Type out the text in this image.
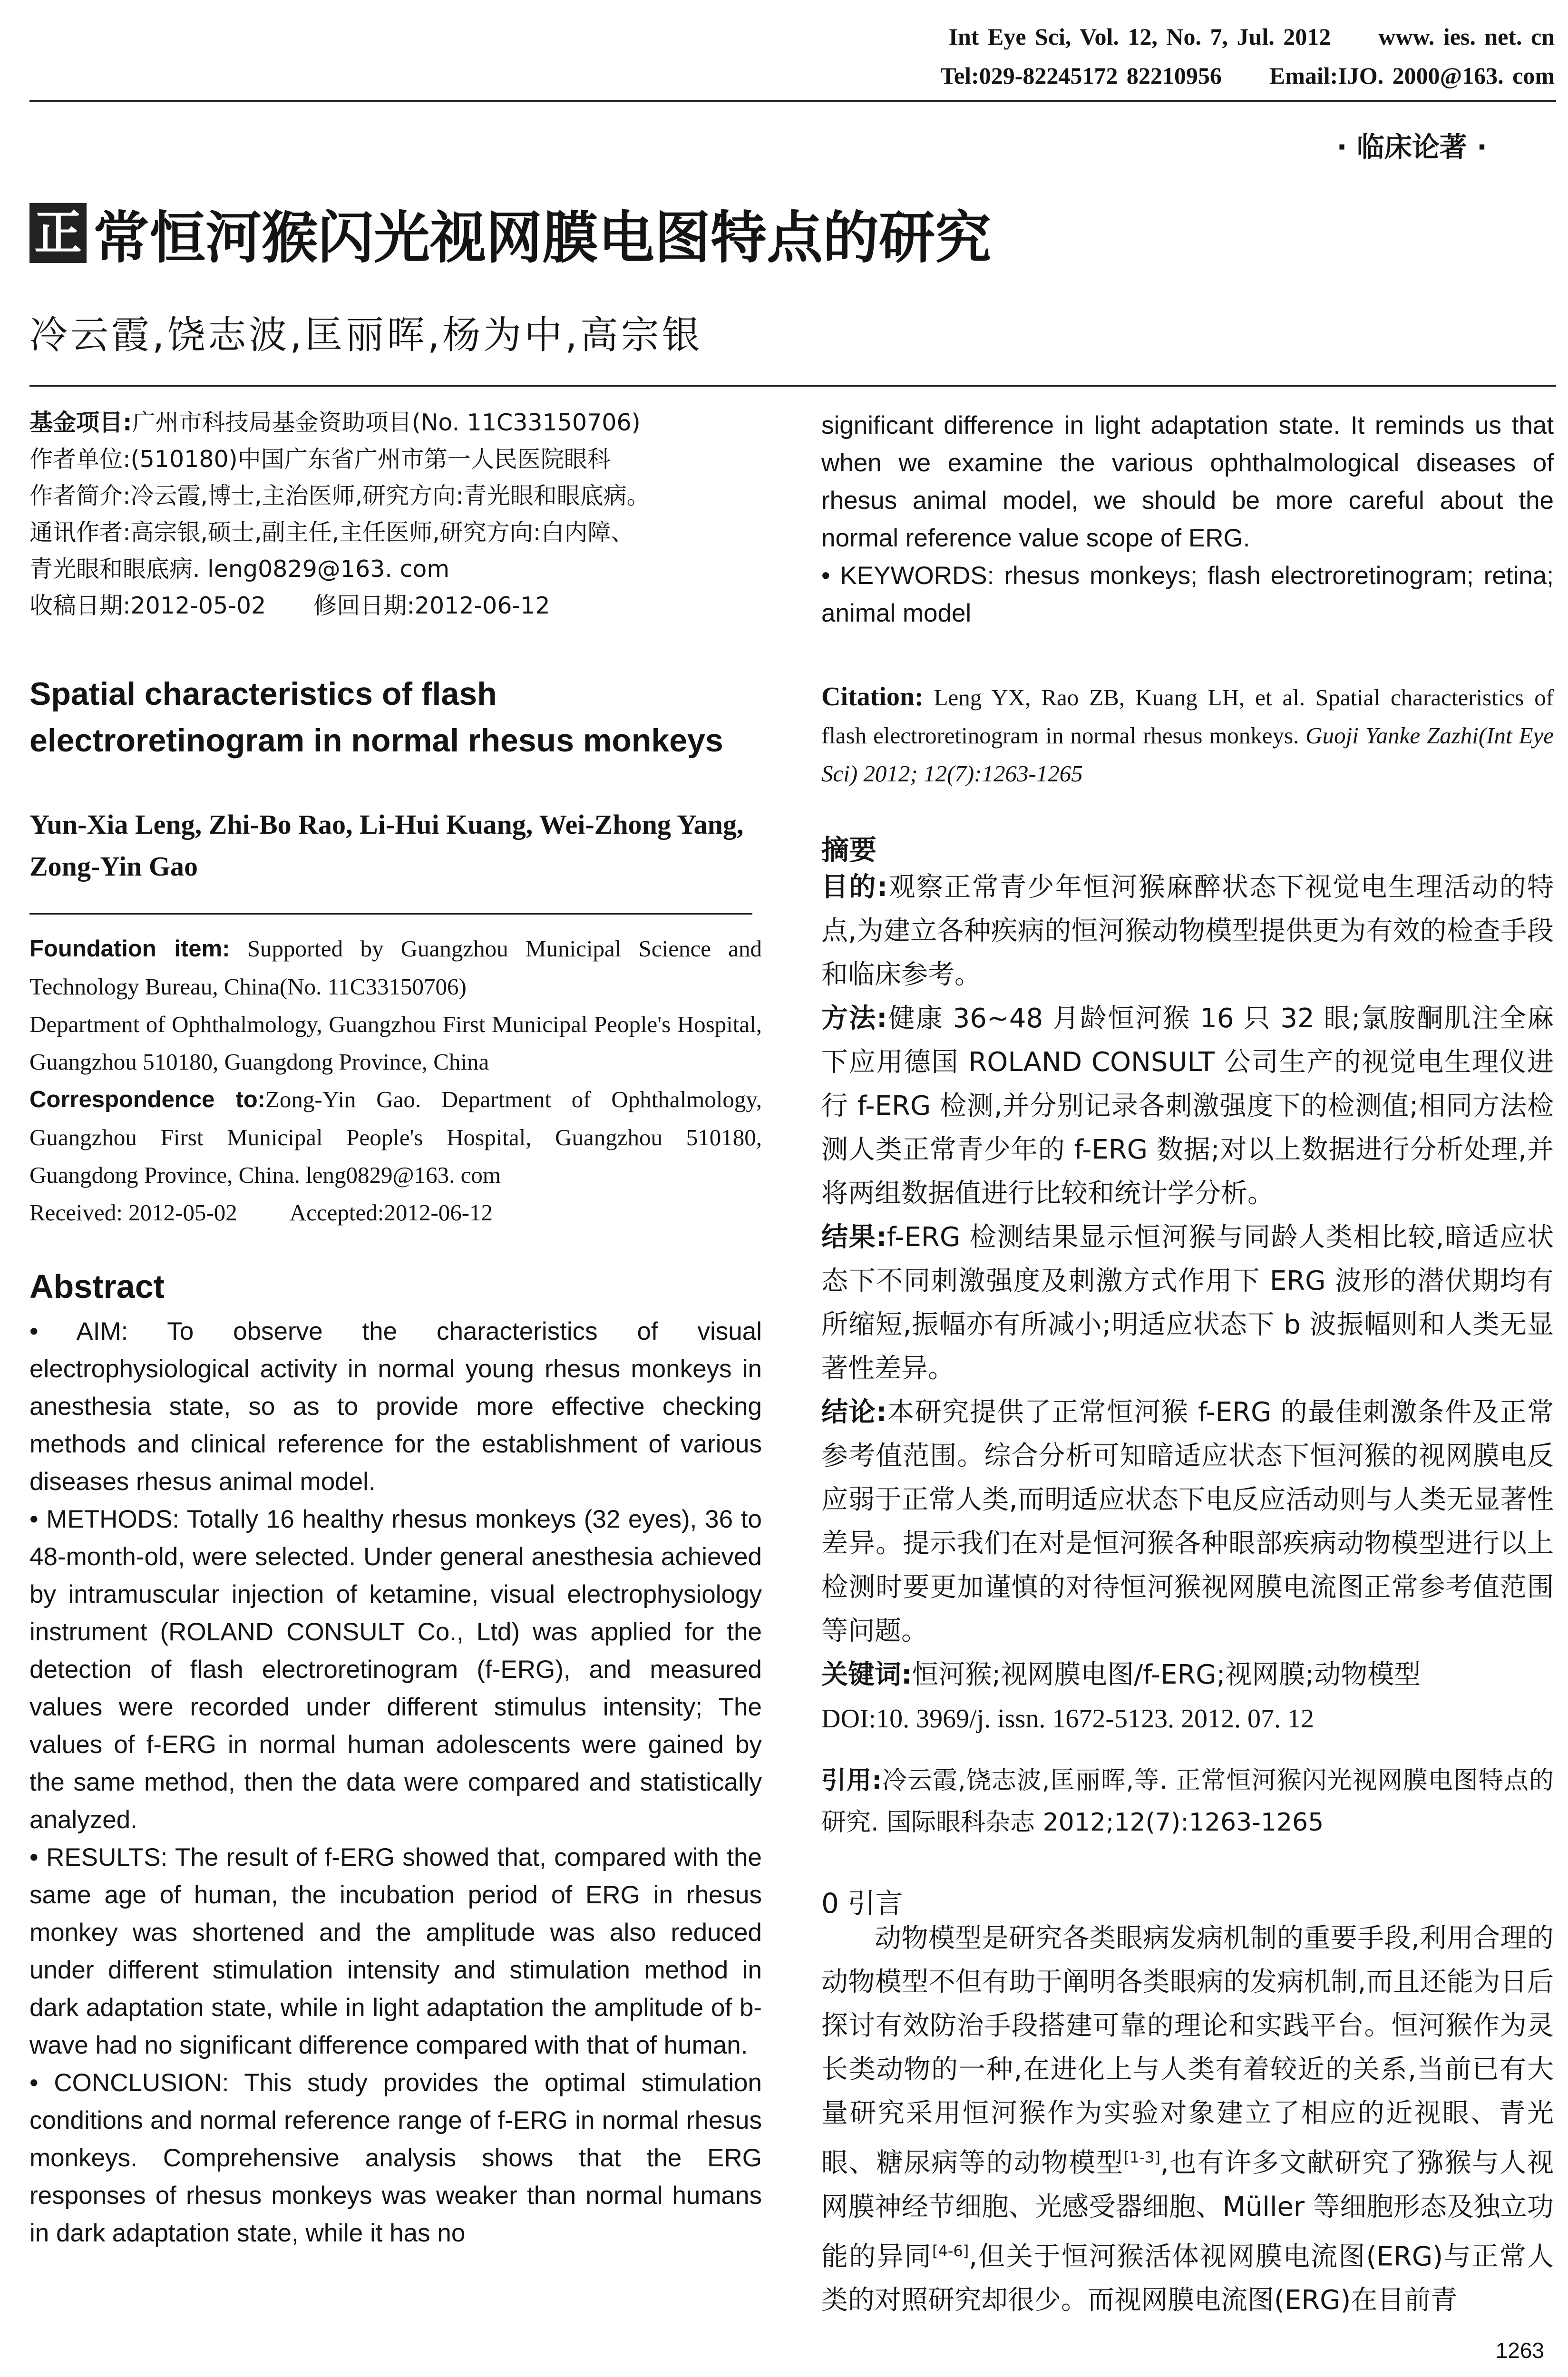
Int Eye Sci, Vol. 12, No. 7, Jul. 2012 www. ies. net. cn
Tel:029-82245172 82210956 Email:IJO. 2000@163. com
· 临床论著 ·
正 常恒河猴闪光视网膜电图特点的研究
冷云霞,饶志波,匡丽晖,杨为中,高宗银
基金项目:广州市科技局基金资助项目(No. 11C33150706)
作者单位:(510180)中国广东省广州市第一人民医院眼科
作者简介:冷云霞,博士,主治医师,研究方向:青光眼和眼底病。
通讯作者:高宗银,硕士,副主任,主任医师,研究方向:白内障、
青光眼和眼底病. leng0829@163. com
收稿日期:2012-05-02 修回日期:2012-06-12
Spatial characteristics of flash electroretinogram in normal rhesus monkeys
Yun-Xia Leng, Zhi-Bo Rao, Li-Hui Kuang, Wei-Zhong Yang, Zong-Yin Gao
Foundation item: Supported by Guangzhou Municipal Science and Technology Bureau, China(No. 11C33150706)
Department of Ophthalmology, Guangzhou First Municipal People's Hospital, Guangzhou 510180, Guangdong Province, China
Correspondence to:Zong-Yin Gao. Department of Ophthalmology, Guangzhou First Municipal People's Hospital, Guangzhou 510180, Guangdong Province, China. leng0829@163. com
Received: 2012-05-02 Accepted:2012-06-12
Abstract
• AIM: To observe the characteristics of visual electrophysiological activity in normal young rhesus monkeys in anesthesia state, so as to provide more effective checking methods and clinical reference for the establishment of various diseases rhesus animal model.
• METHODS: Totally 16 healthy rhesus monkeys (32 eyes), 36 to 48-month-old, were selected. Under general anesthesia achieved by intramuscular injection of ketamine, visual electrophysiology instrument (ROLAND CONSULT Co., Ltd) was applied for the detection of flash electroretinogram (f-ERG), and measured values were recorded under different stimulus intensity; The values of f-ERG in normal human adolescents were gained by the same method, then the data were compared and statistically analyzed.
• RESULTS: The result of f-ERG showed that, compared with the same age of human, the incubation period of ERG in rhesus monkey was shortened and the amplitude was also reduced under different stimulation intensity and stimulation method in dark adaptation state, while in light adaptation the amplitude of b-wave had no significant difference compared with that of human.
• CONCLUSION: This study provides the optimal stimulation conditions and normal reference range of f-ERG in normal rhesus monkeys. Comprehensive analysis shows that the ERG responses of rhesus monkeys was weaker than normal humans in dark adaptation state, while it has no
significant difference in light adaptation state. It reminds us that when we examine the various ophthalmological diseases of rhesus animal model, we should be more careful about the normal reference value scope of ERG.
• KEYWORDS: rhesus monkeys; flash electroretinogram; retina; animal model
Citation: Leng YX, Rao ZB, Kuang LH, et al. Spatial characteristics of flash electroretinogram in normal rhesus monkeys. Guoji Yanke Zazhi(Int Eye Sci) 2012; 12(7):1263-1265
摘要
目的:观察正常青少年恒河猴麻醉状态下视觉电生理活动的特点,为建立各种疾病的恒河猴动物模型提供更为有效的检查手段和临床参考。
方法:健康 36~48 月龄恒河猴 16 只 32 眼;氯胺酮肌注全麻下应用德国 ROLAND CONSULT 公司生产的视觉电生理仪进行 f-ERG 检测,并分别记录各刺激强度下的检测值;相同方法检测人类正常青少年的 f-ERG 数据;对以上数据进行分析处理,并将两组数据值进行比较和统计学分析。
结果:f-ERG 检测结果显示恒河猴与同龄人类相比较,暗适应状态下不同刺激强度及刺激方式作用下 ERG 波形的潜伏期均有所缩短,振幅亦有所减小;明适应状态下 b 波振幅则和人类无显著性差异。
结论:本研究提供了正常恒河猴 f-ERG 的最佳刺激条件及正常参考值范围。综合分析可知暗适应状态下恒河猴的视网膜电反应弱于正常人类,而明适应状态下电反应活动则与人类无显著性差异。提示我们在对是恒河猴各种眼部疾病动物模型进行以上检测时要更加谨慎的对待恒河猴视网膜电流图正常参考值范围等问题。
关键词:恒河猴;视网膜电图/f-ERG;视网膜;动物模型
DOI:10. 3969/j. issn. 1672-5123. 2012. 07. 12
引用:冷云霞,饶志波,匡丽晖,等. 正常恒河猴闪光视网膜电图特点的研究. 国际眼科杂志 2012;12(7):1263-1265
0 引言
动物模型是研究各类眼病发病机制的重要手段,利用合理的动物模型不但有助于阐明各类眼病的发病机制,而且还能为日后探讨有效防治手段搭建可靠的理论和实践平台。恒河猴作为灵长类动物的一种,在进化上与人类有着较近的关系,当前已有大量研究采用恒河猴作为实验对象建立了相应的近视眼、青光眼、糖尿病等的动物模型[1-3],也有许多文献研究了猕猴与人视网膜神经节细胞、光感受器细胞、Müller 等细胞形态及独立功能的异同[4-6],但关于恒河猴活体视网膜电流图(ERG)与正常人类的对照研究却很少。而视网膜电流图(ERG)在目前青
1263
